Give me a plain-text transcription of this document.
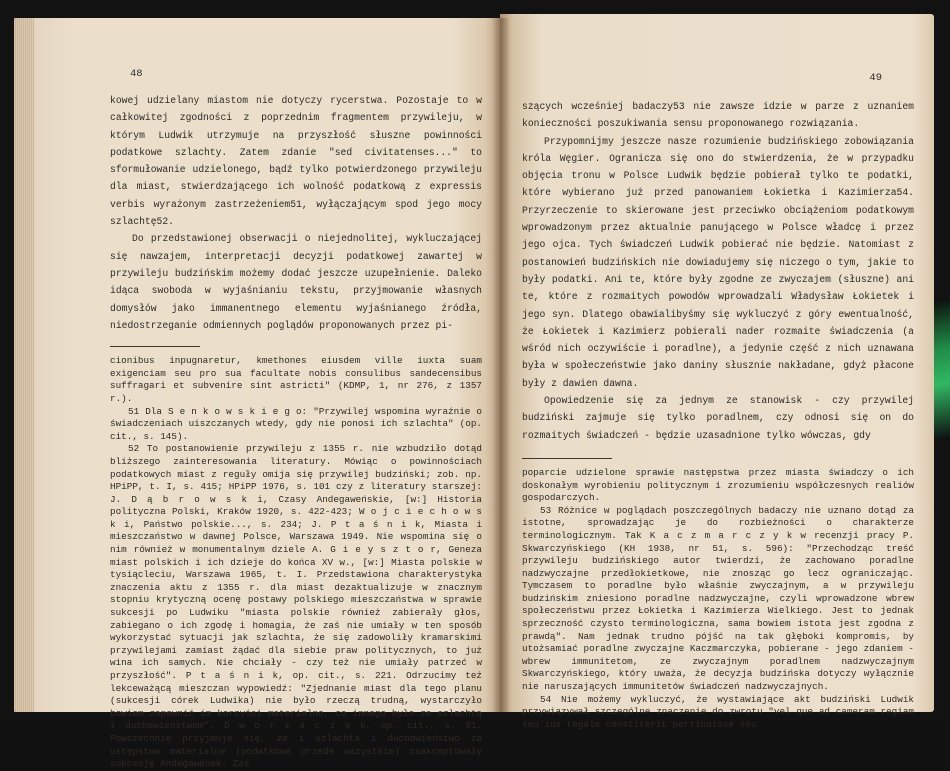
48

kowej udzielany miastom nie dotyczy rycerstwa. Pozostaje to w całkowitej zgodności z poprzednim fragmentem przywileju, w którym Ludwik utrzymuje na przyszłość słuszne powinności podatkowe szlachty. Zatem zdanie "sed civitatenses..." to sformułowanie udzielonego, bądź tylko potwierdzonego przywileju dla miast, stwierdzającego ich wolność podatkową z expressis verbis wyrażonym zastrzeżeniem51, wyłączającym spod jego mocy szlachtę52.

Do przedstawionej obserwacji o niejednolitej, wykluczającej się nawzajem, interpretacji decyzji podatkowej zawartej w przywileju budzińskim możemy dodać jeszcze uzupełnienie. Daleko idąca swoboda w wyjaśnianiu tekstu, przyjmowanie własnych domysłów jako immanentnego elementu wyjaśnianego źródła, niedostrzeganie odmiennych poglądów proponowanych przez pi-

cionibus inpugnaretur, kmethones eiusdem ville iuxta suam exigenciam seu pro sua facultate nobis consulibus sandecensibus suffragari et subvenire sint astricti" (KDMP, 1, nr 276, z 1357 r.).

51 Dla S e n k o w s k i e g o: "Przywilej wspomina wyraźnie o świadczeniach uiszczanych wtedy, gdy nie ponosi ich szlachta" (op. cit., s. 145).

52 To postanowienie przywileju z 1355 r. nie wzbudziło dotąd bliższego zainteresowania literatury. Mówiąc o powinnościach podatkowych miast z reguły omija się przywilej budziński; zob. np. HPiPP, t. I, s. 415; HPiPP 1976, s. 101 czy z literatury starszej: J. D ą b r o w s k i, Czasy Andegaweńskie, [w:] Historia polityczna Polski, Kraków 1920, s. 422-423; W o j c i e c h o w s k i, Państwo polskie..., s. 234; J. P t a ś n i k, Miasta i mieszczaństwo w dawnej Polsce, Warszawa 1949. Nie wspomina się o nim również w monumentalnym dziele A. G i e y s z t o r, Geneza miast polskich i ich dzieje do końca XV w., [w:] Miasta polskie w tysiącleciu, Warszawa 1965, t. I. Przedstawiona charakterystyka znaczenia aktu z 1355 r. dla miast dezaktualizuje w znacznym stopniu krytyczną ocenę postawy polskiego mieszczaństwa w sprawie sukcesji po Ludwiku "miasta polskie również zabierały głos, zabiegano o ich zgodę i homagia, że zaś nie umiały w ten sposób wykorzystać sytuacji jak szlachta, że się zadowoliły kramarskimi przywilejami zamiast żądać dla siebie praw politycznych, to już wina ich samych. Nie chciały - czy też nie umiały patrzeć w przyszłość". P t a ś n i k, op. cit., s. 221. Odrzucimy też lekceważącą mieszczan wypowiedź: "Zjednanie miast dla tego planu (sukcesji córek Ludwika) nie było rzeczą trudną, wystarczyło bowiem zapewnić im korzyści materialne, co innego było ze szlachtą i duchowieństwem", D w o r z a c z e k, op. cit., s. 91. Powszechnie przyjmuje się, że i szlachta i duchowieństwo za ustępstwa materialne (podatkowe przede wszystkim) zaakceptowały sukcesję Andegawenek. Zaś

49

szących wcześniej badaczy53 nie zawsze idzie w parze z uznaniem konieczności poszukiwania sensu proponowanego rozwiązania.

Przypomnijmy jeszcze nasze rozumienie budzińskiego zobowiązania króla Węgier. Ogranicza się ono do stwierdzenia, że w przypadku objęcia tronu w Polsce Ludwik będzie pobierał tylko te podatki, które wybierano już przed panowaniem Łokietka i Kazimierza54. Przyrzeczenie to skierowane jest przeciwko obciążeniom podatkowym wprowadzonym przez aktualnie panującego w Polsce władcę i przez jego ojca. Tych świadczeń Ludwik pobierać nie będzie. Natomiast z postanowień budzińskich nie dowiadujemy się niczego o tym, jakie to były podatki. Ani te, które były zgodne ze zwyczajem (słuszne) ani te, które z rozmaitych powodów wprowadzali Władysław Łokietek i jego syn. Dlatego obawialibyśmy się wykluczyć z góry ewentualność, że Łokietek i Kazimierz pobierali nader rozmaite świadczenia (a wśród nich oczywiście i poradlne), a jedynie część z nich uznawana była w społeczeństwie jako daniny słusznie nakładane, gdyż płacone były z dawien dawna.

Opowiedzenie się za jednym ze stanowisk - czy przywilej budziński zajmuje się tylko poradlnem, czy odnosi się on do rozmaitych świadczeń - będzie uzasadnione tylko wówczas, gdy

poparcie udzielone sprawie następstwa przez miasta świadczy o ich doskonałym wyrobieniu politycznym i zrozumieniu współczesnych realiów gospodarczych.

53 Różnice w poglądach poszczególnych badaczy nie uznano dotąd za istotne, sprowadzając je do rozbieżności o charakterze terminologicznym. Tak K a c z m a r c z y k w recenzji pracy P. Skwarczyńskiego (KH 1938, nr 51, s. 596): "Przechodząc treść przywileju budzińskiego autor twierdzi, że zachowano poradlne nadzwyczajne przedłokietkowe, nie znosząc go lecz ograniczając. Tymczasem to poradlne było właśnie zwyczajnym, a w przywileju budzińskim zniesiono poradlne nadzwyczajne, czyli wprowadzone wbrew społeczeństwu przez Łokietka i Kazimierza Wielkiego. Jest to jednak sprzeczność czysto terminologiczna, sama bowiem istota jest zgodna z prawdą". Nam jednak trudno pójść na tak głęboki kompromis, by utożsamiać poradlne zwyczajne Kaczmarczyka, pobierane - jego zdaniem - wbrew immunitetom, ze zwyczajnym poradlnem nadzwyczajnym Skwarczyńskiego, który uważa, że decyzja budzińska dotyczy wyłącznie nie naruszających immunitetów świadczeń nadzwyczajnych.

54 Nie możemy wykluczyć, że wystawiające akt budziński Ludwik przywiązywał szczególne znaczenie do zwrotu "vel que ad cameram regiam seu ius regale constiterit pertinuisse seu
